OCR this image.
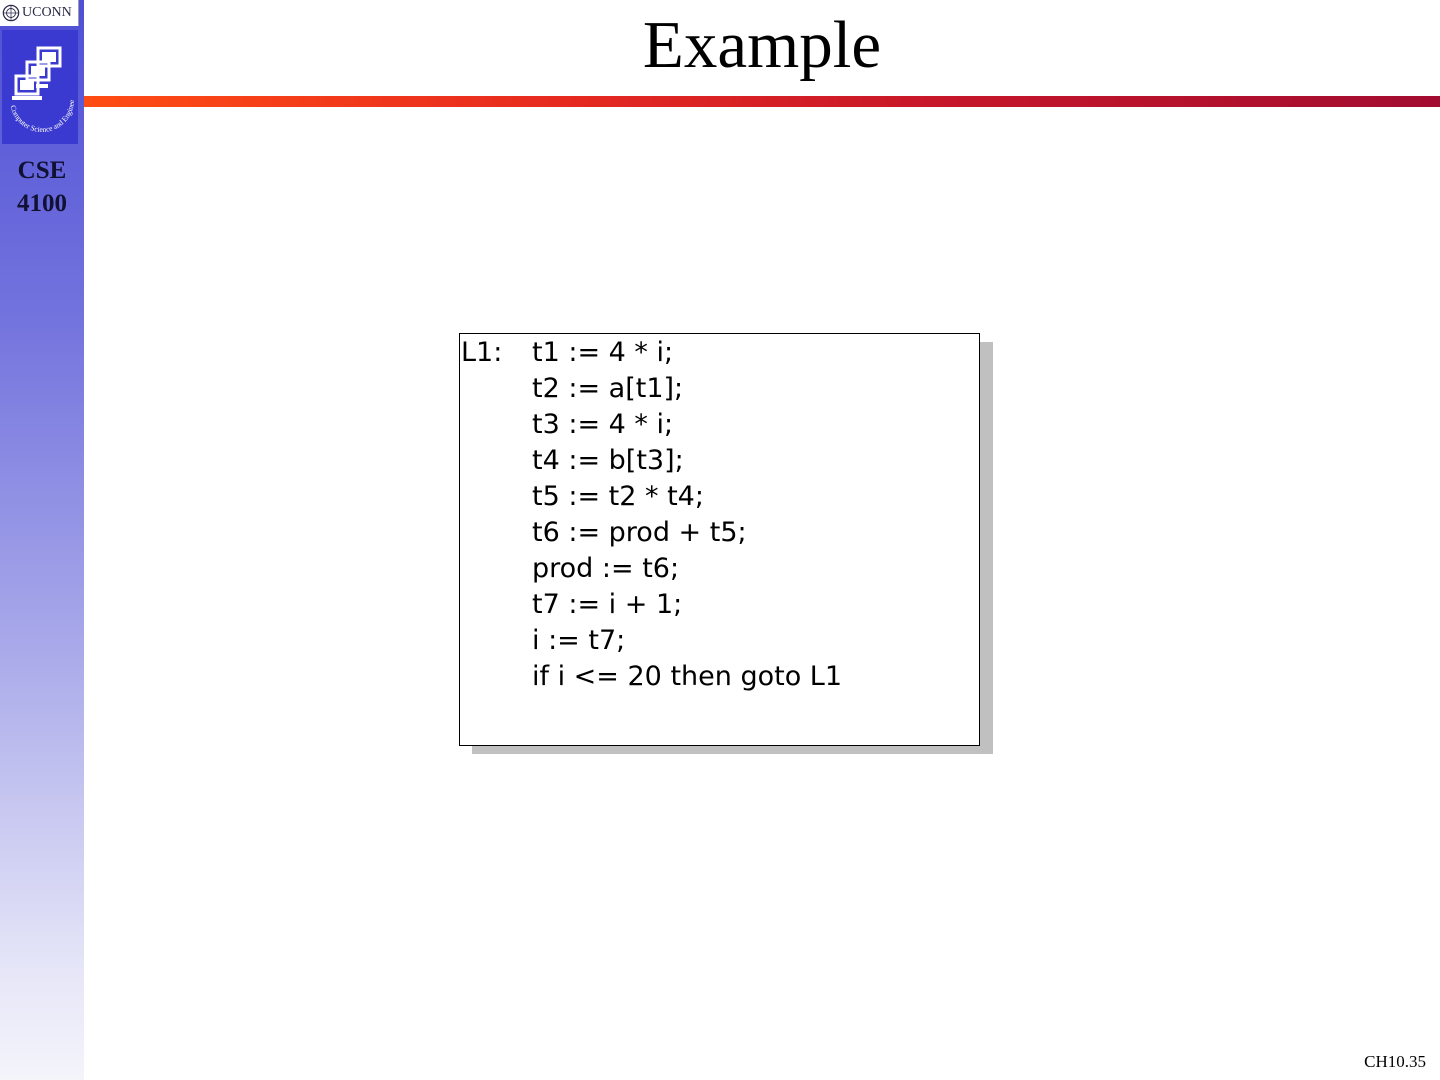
UCONN
Computer Science and Enginee
CSE
4100
Example
L1: t1 := 4 * i;
t2 := a[t1];
t3 := 4 * i;
t4 := b[t3];
t5 := t2 * t4;
t6 := prod + t5;
prod := t6;
t7 := i + 1;
i := t7;
if i <= 20 then goto L1
CH10.35
